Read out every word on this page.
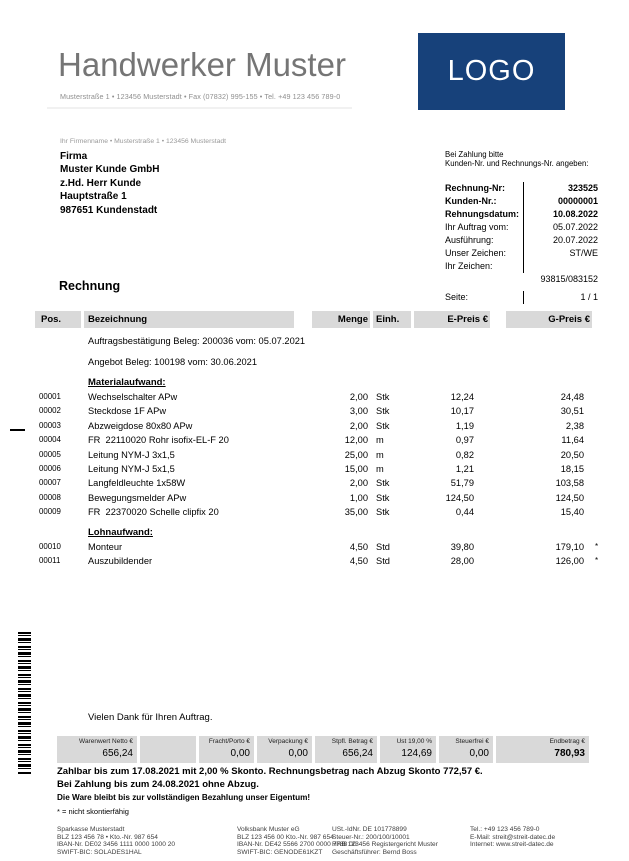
Handwerker Muster
Musterstraße 1 • 123456 Musterstadt • Fax (07832) 995-155 • Tel. +49 123 456 789-0
LOGO
Ihr Firmenname • Musterstraße 1 • 123456 Musterstadt
Firma
Muster Kunde GmbH
z.Hd. Herr Kunde
Hauptstraße 1
987651 Kundenstadt
Bei Zahlung bitte
Kunden-Nr. und Rechnungs-Nr. angeben:
Rechnung-Nr:	323525
Kunden-Nr.:	00000001
Rehnungsdatum:	10.08.2022
Ihr Auftrag vom:	05.07.2022
Ausführung:	20.07.2022
Unser Zeichen:	ST/WE
Ihr Zeichen:
93815/083152
Seite:	1 / 1
Rechnung
Pos.	Bezeichnung	Menge Einh.	E-Preis €	G-Preis €
Auftragsbestätigung Beleg: 200036 vom: 05.07.2021
Angebot Beleg: 100198 vom: 30.06.2021
Materialaufwand:
00001	Wechselschalter APw	2,00 Stk	12,24	24,48
00002	Steckdose 1F APw	3,00 Stk	10,17	30,51
00003	Abzweigdose 80x80 APw	2,00 Stk	1,19	2,38
00004	FR  22110020 Rohr isofix-EL-F 20	12,00 m	0,97	11,64
00005	Leitung NYM-J 3x1,5	25,00 m	0,82	20,50
00006	Leitung NYM-J 5x1,5	15,00 m	1,21	18,15
00007	Langfeldleuchte 1x58W	2,00 Stk	51,79	103,58
00008	Bewegungsmelder APw	1,00 Stk	124,50	124,50
00009	FR  22370020 Schelle clipfix 20	35,00 Stk	0,44	15,40
Lohnaufwand:
00010	Monteur	4,50 Std	39,80	179,10	*
00011	Auszubildender	4,50 Std	28,00	126,00	*
Vielen Dank für Ihren Auftrag.
Warenwert Netto €
656,24
Fracht/Porto €
0,00
Verpackung €
0,00
Stpfl. Betrag €
656,24
Ust 19,00 %
124,69
Steuerfrei €
0,00
Endbetrag €
780,93
Zahlbar bis zum 17.08.2021 mit 2,00 % Skonto. Rechnungsbetrag nach Abzug Skonto 772,57 €.
Bei Zahlung bis zum 24.08.2021 ohne Abzug.
Die Ware bleibt bis zur vollständigen Bezahlung unser Eigentum!
* = nicht skontierfähig
Sparkasse Musterstadt
BLZ 123 456 78 • Kto.-Nr. 987 654
IBAN-Nr. DE02 3456 1111 0000 1000 20
SWIFT-BIC: SOLADES1HAL
Volksbank Muster eG
BLZ 123 456 00 Kto.-Nr. 987 654
IBAN-Nr. DE42 5566 2700 0000 7788 00
SWIFT-BIC: GENODE61KZT
USt.-IdNr. DE 101778899
Steuer-Nr.: 200/100/10001
HRB 123456 Registergericht Muster
Geschäftsführer: Bernd Boss
Tel.: +49 123 456 789-0
E-Mail: streit@streit-datec.de
Internet: www.streit-datec.de
